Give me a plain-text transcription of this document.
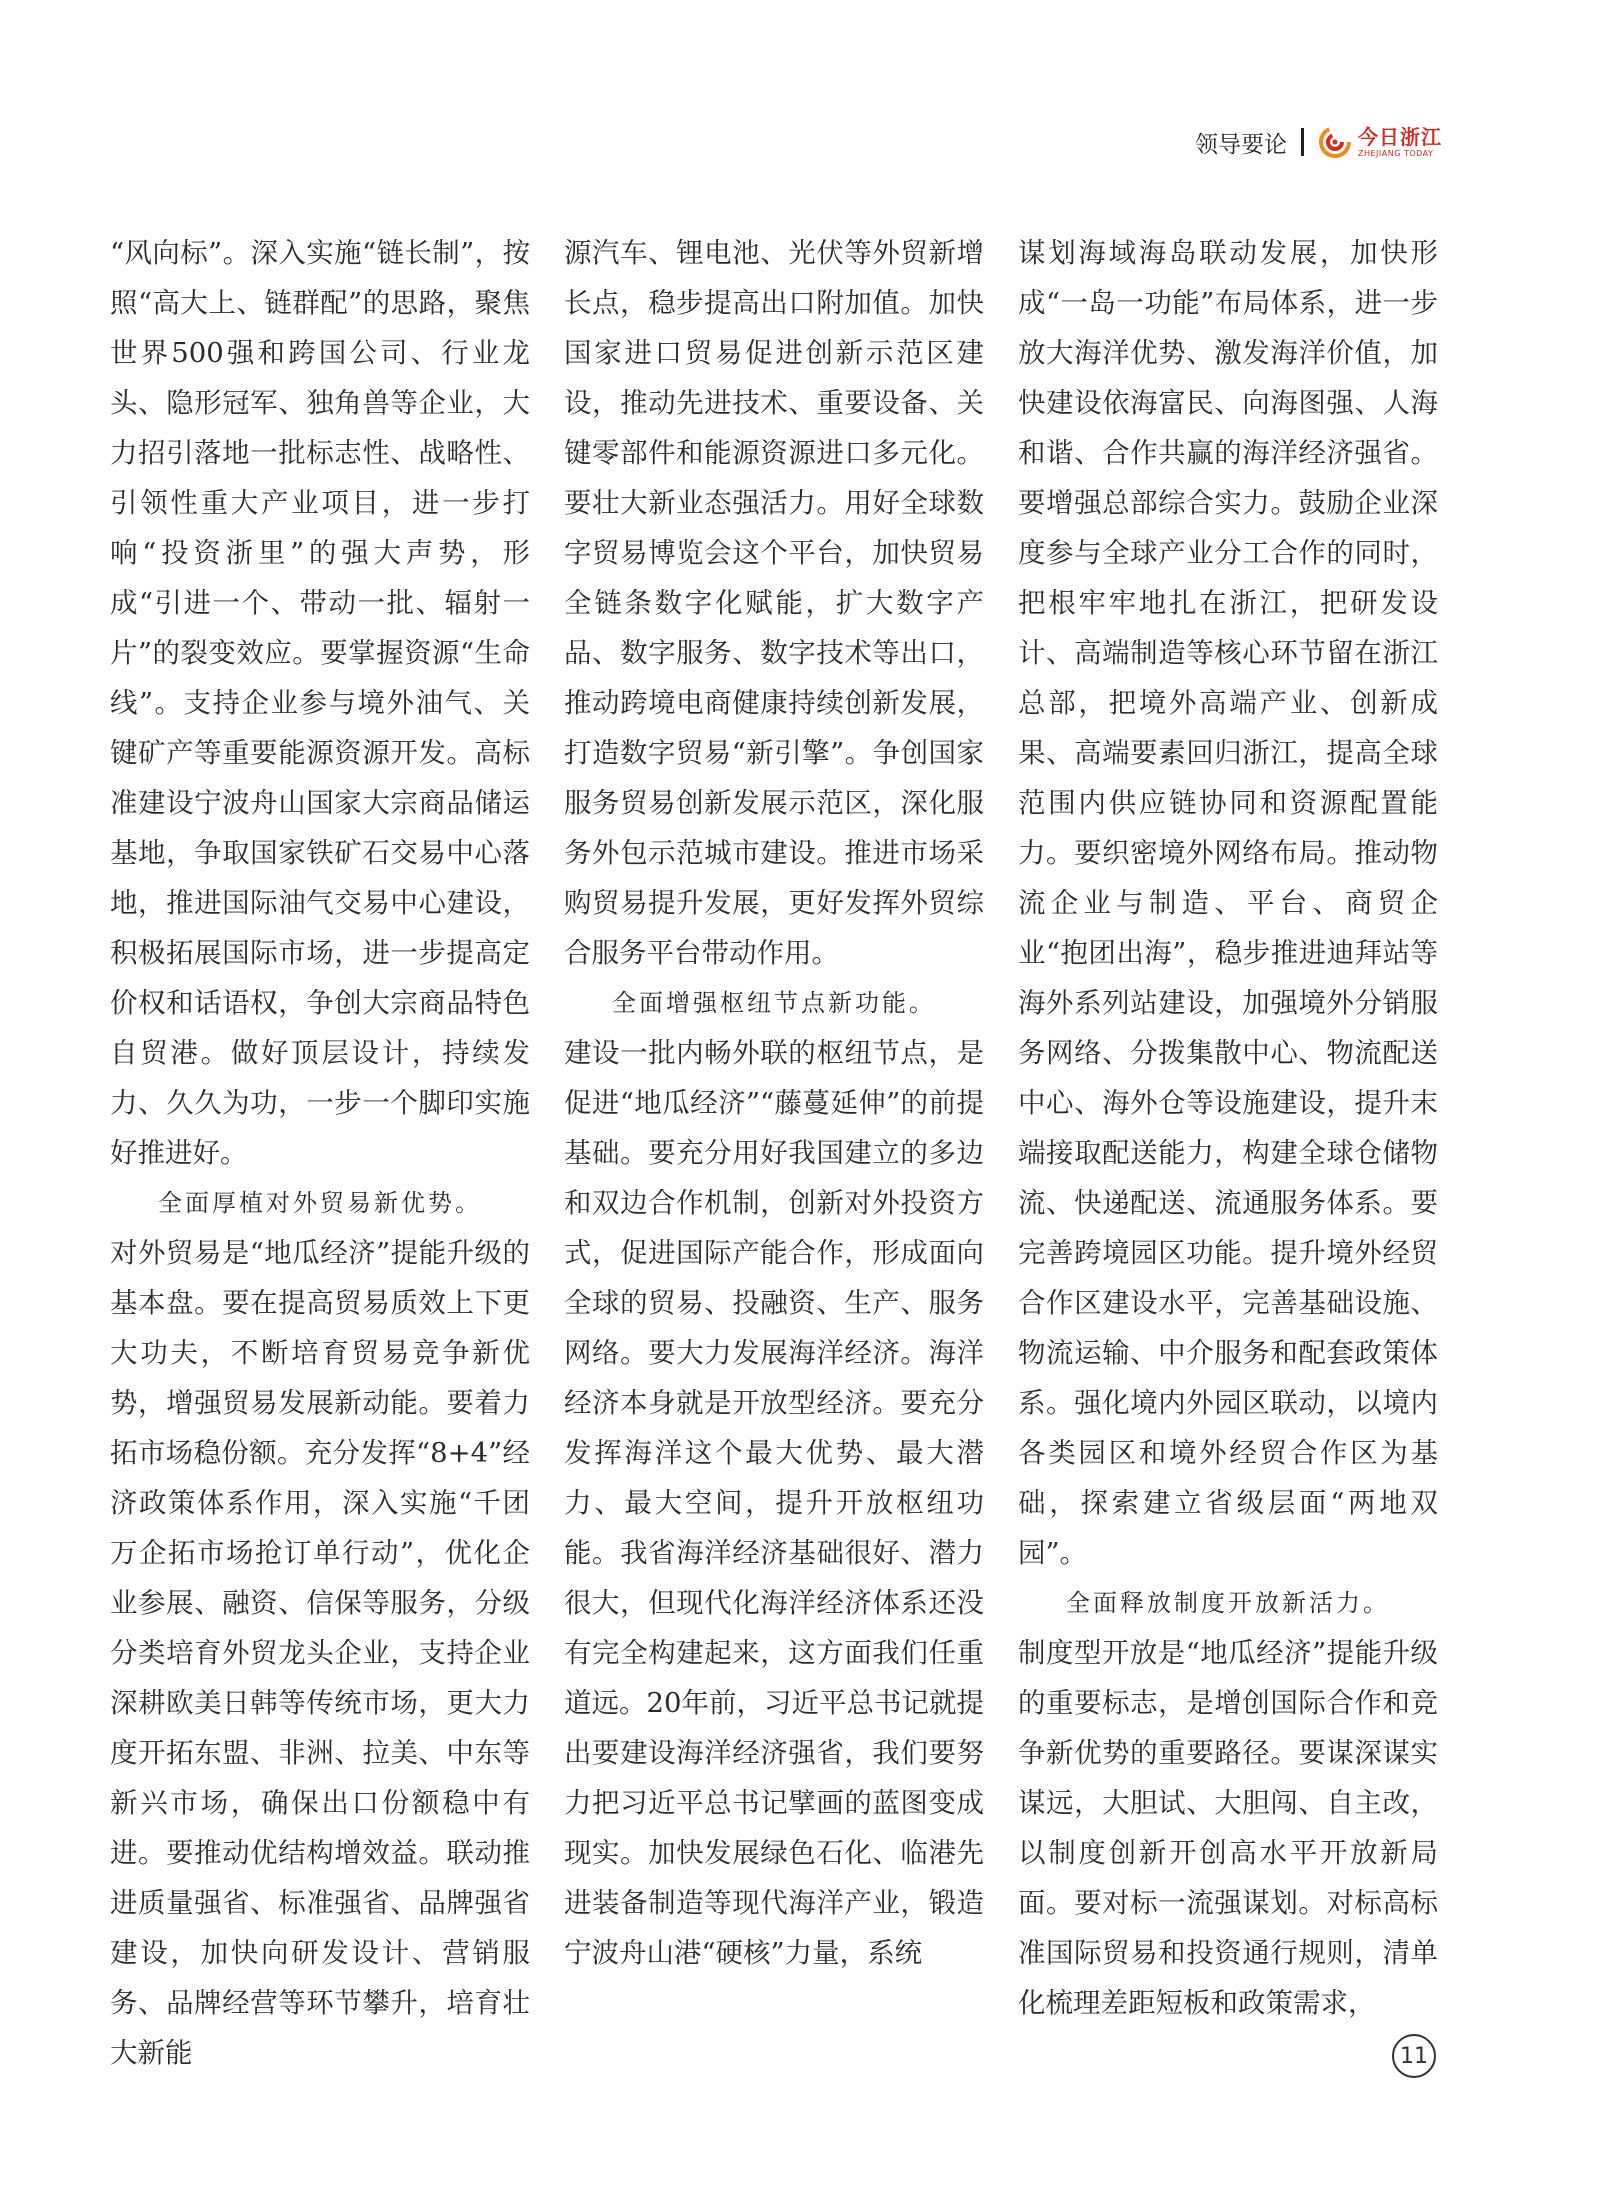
领导要论	今日浙江
ZHEJIANG TODAY

“风向标”。深入实施“链长制”，按照“高大上、链群配”的思路，聚焦世界500强和跨国公司、行业龙头、隐形冠军、独角兽等企业，大力招引落地一批标志性、战略性、引领性重大产业项目，进一步打响“投资浙里”的强大声势，形成“引进一个、带动一批、辐射一片”的裂变效应。要掌握资源“生命线”。支持企业参与境外油气、关键矿产等重要能源资源开发。高标准建设宁波舟山国家大宗商品储运基地，争取国家铁矿石交易中心落地，推进国际油气交易中心建设，积极拓展国际市场，进一步提高定价权和话语权，争创大宗商品特色自贸港。做好顶层设计，持续发力、久久为功，一步一个脚印实施好推进好。

全面厚植对外贸易新优势。

对外贸易是“地瓜经济”提能升级的基本盘。要在提高贸易质效上下更大功夫，不断培育贸易竞争新优势，增强贸易发展新动能。要着力拓市场稳份额。充分发挥“8+4”经济政策体系作用，深入实施“千团万企拓市场抢订单行动”，优化企业参展、融资、信保等服务，分级分类培育外贸龙头企业，支持企业深耕欧美日韩等传统市场，更大力度开拓东盟、非洲、拉美、中东等新兴市场，确保出口份额稳中有进。要推动优结构增效益。联动推进质量强省、标准强省、品牌强省建设，加快向研发设计、营销服务、品牌经营等环节攀升，培育壮大新能

源汽车、锂电池、光伏等外贸新增长点，稳步提高出口附加值。加快国家进口贸易促进创新示范区建设，推动先进技术、重要设备、关键零部件和能源资源进口多元化。要壮大新业态强活力。用好全球数字贸易博览会这个平台，加快贸易全链条数字化赋能，扩大数字产品、数字服务、数字技术等出口，推动跨境电商健康持续创新发展，打造数字贸易“新引擎”。争创国家服务贸易创新发展示范区，深化服务外包示范城市建设。推进市场采购贸易提升发展，更好发挥外贸综合服务平台带动作用。

全面增强枢纽节点新功能。

建设一批内畅外联的枢纽节点，是促进“地瓜经济”“藤蔓延伸”的前提基础。要充分用好我国建立的多边和双边合作机制，创新对外投资方式，促进国际产能合作，形成面向全球的贸易、投融资、生产、服务网络。要大力发展海洋经济。海洋经济本身就是开放型经济。要充分发挥海洋这个最大优势、最大潜力、最大空间，提升开放枢纽功能。我省海洋经济基础很好、潜力很大，但现代化海洋经济体系还没有完全构建起来，这方面我们任重道远。20年前，习近平总书记就提出要建设海洋经济强省，我们要努力把习近平总书记擘画的蓝图变成现实。加快发展绿色石化、临港先进装备制造等现代海洋产业，锻造宁波舟山港“硬核”力量，系统

谋划海域海岛联动发展，加快形成“一岛一功能”布局体系，进一步放大海洋优势、激发海洋价值，加快建设依海富民、向海图强、人海和谐、合作共赢的海洋经济强省。要增强总部综合实力。鼓励企业深度参与全球产业分工合作的同时，把根牢牢地扎在浙江，把研发设计、高端制造等核心环节留在浙江总部，把境外高端产业、创新成果、高端要素回归浙江，提高全球范围内供应链协同和资源配置能力。要织密境外网络布局。推动物流企业与制造、平台、商贸企业“抱团出海”，稳步推进迪拜站等海外系列站建设，加强境外分销服务网络、分拨集散中心、物流配送中心、海外仓等设施建设，提升末端接取配送能力，构建全球仓储物流、快递配送、流通服务体系。要完善跨境园区功能。提升境外经贸合作区建设水平，完善基础设施、物流运输、中介服务和配套政策体系。强化境内外园区联动，以境内各类园区和境外经贸合作区为基础，探索建立省级层面“两地双园”。

全面释放制度开放新活力。

制度型开放是“地瓜经济”提能升级的重要标志，是增创国际合作和竞争新优势的重要路径。要谋深谋实谋远，大胆试、大胆闯、自主改，以制度创新开创高水平开放新局面。要对标一流强谋划。对标高标准国际贸易和投资通行规则，清单化梳理差距短板和政策需求，

11
